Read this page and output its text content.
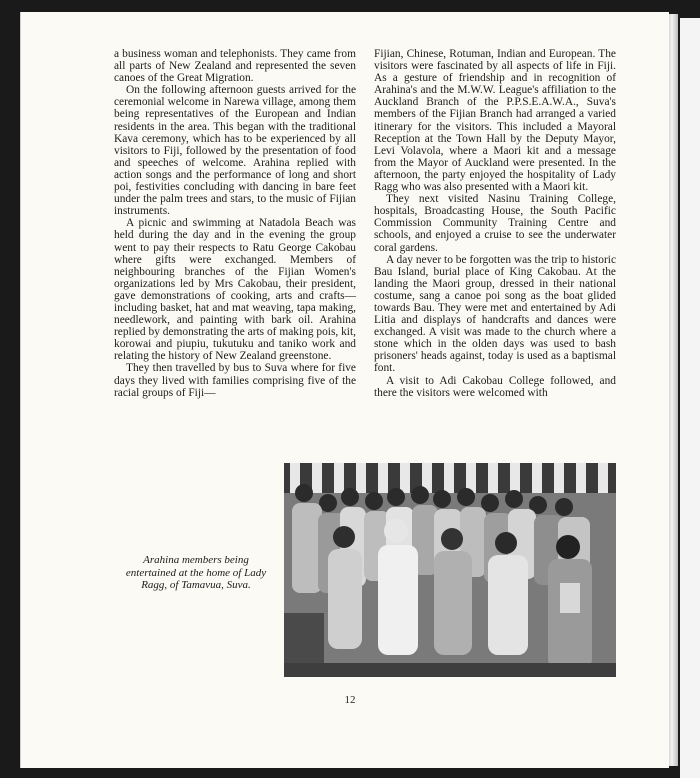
a business woman and telephonists. They came from all parts of New Zealand and represented the seven canoes of the Great Migration.

On the following afternoon guests arrived for the ceremonial welcome in Narewa village, among them being representatives of the European and Indian residents in the area. This began with the traditional Kava ceremony, which has to be experienced by all visitors to Fiji, followed by the presentation of food and speeches of welcome. Arahina replied with action songs and the performance of long and short poi, festivities concluding with dancing in bare feet under the palm trees and stars, to the music of Fijian instruments.

A picnic and swimming at Natadola Beach was held during the day and in the evening the group went to pay their respects to Ratu George Cakobau where gifts were exchanged. Members of neighbouring branches of the Fijian Women's organizations led by Mrs Cakobau, their president, gave demonstrations of cooking, arts and crafts—including basket, hat and mat weaving, tapa making, needlework, and painting with bark oil. Arahina replied by demonstrating the arts of making pois, kit, korowai and piupiu, tukutuku and taniko work and relating the history of New Zealand greenstone.

They then travelled by bus to Suva where for five days they lived with families comprising five of the racial groups of Fiji—

Fijian, Chinese, Rotuman, Indian and European. The visitors were fascinated by all aspects of life in Fiji. As a gesture of friendship and in recognition of Arahina's and the M.W.W. League's affiliation to the Auckland Branch of the P.P.S.E.A.W.A., Suva's members of the Fijian Branch had arranged a varied itinerary for the visitors. This included a Mayoral Reception at the Town Hall by the Deputy Mayor, Levi Volavola, where a Maori kit and a message from the Mayor of Auckland were presented. In the afternoon, the party enjoyed the hospitality of Lady Ragg who was also presented with a Maori kit.

They next visited Nasinu Training College, hospitals, Broadcasting House, the South Pacific Commission Community Training Centre and schools, and enjoyed a cruise to see the underwater coral gardens.

A day never to be forgotten was the trip to historic Bau Island, burial place of King Cakobau. At the landing the Maori group, dressed in their national costume, sang a canoe poi song as the boat glided towards Bau. They were met and entertained by Adi Litia and displays of handcrafts and dances were exchanged. A visit was made to the church where a stone which in the olden days was used to bash prisoners' heads against, today is used as a baptismal font.

A visit to Adi Cakobau College followed, and there the visitors were welcomed with

Arahina members being entertained at the home of Lady Ragg, of Tamavua, Suva.
12
